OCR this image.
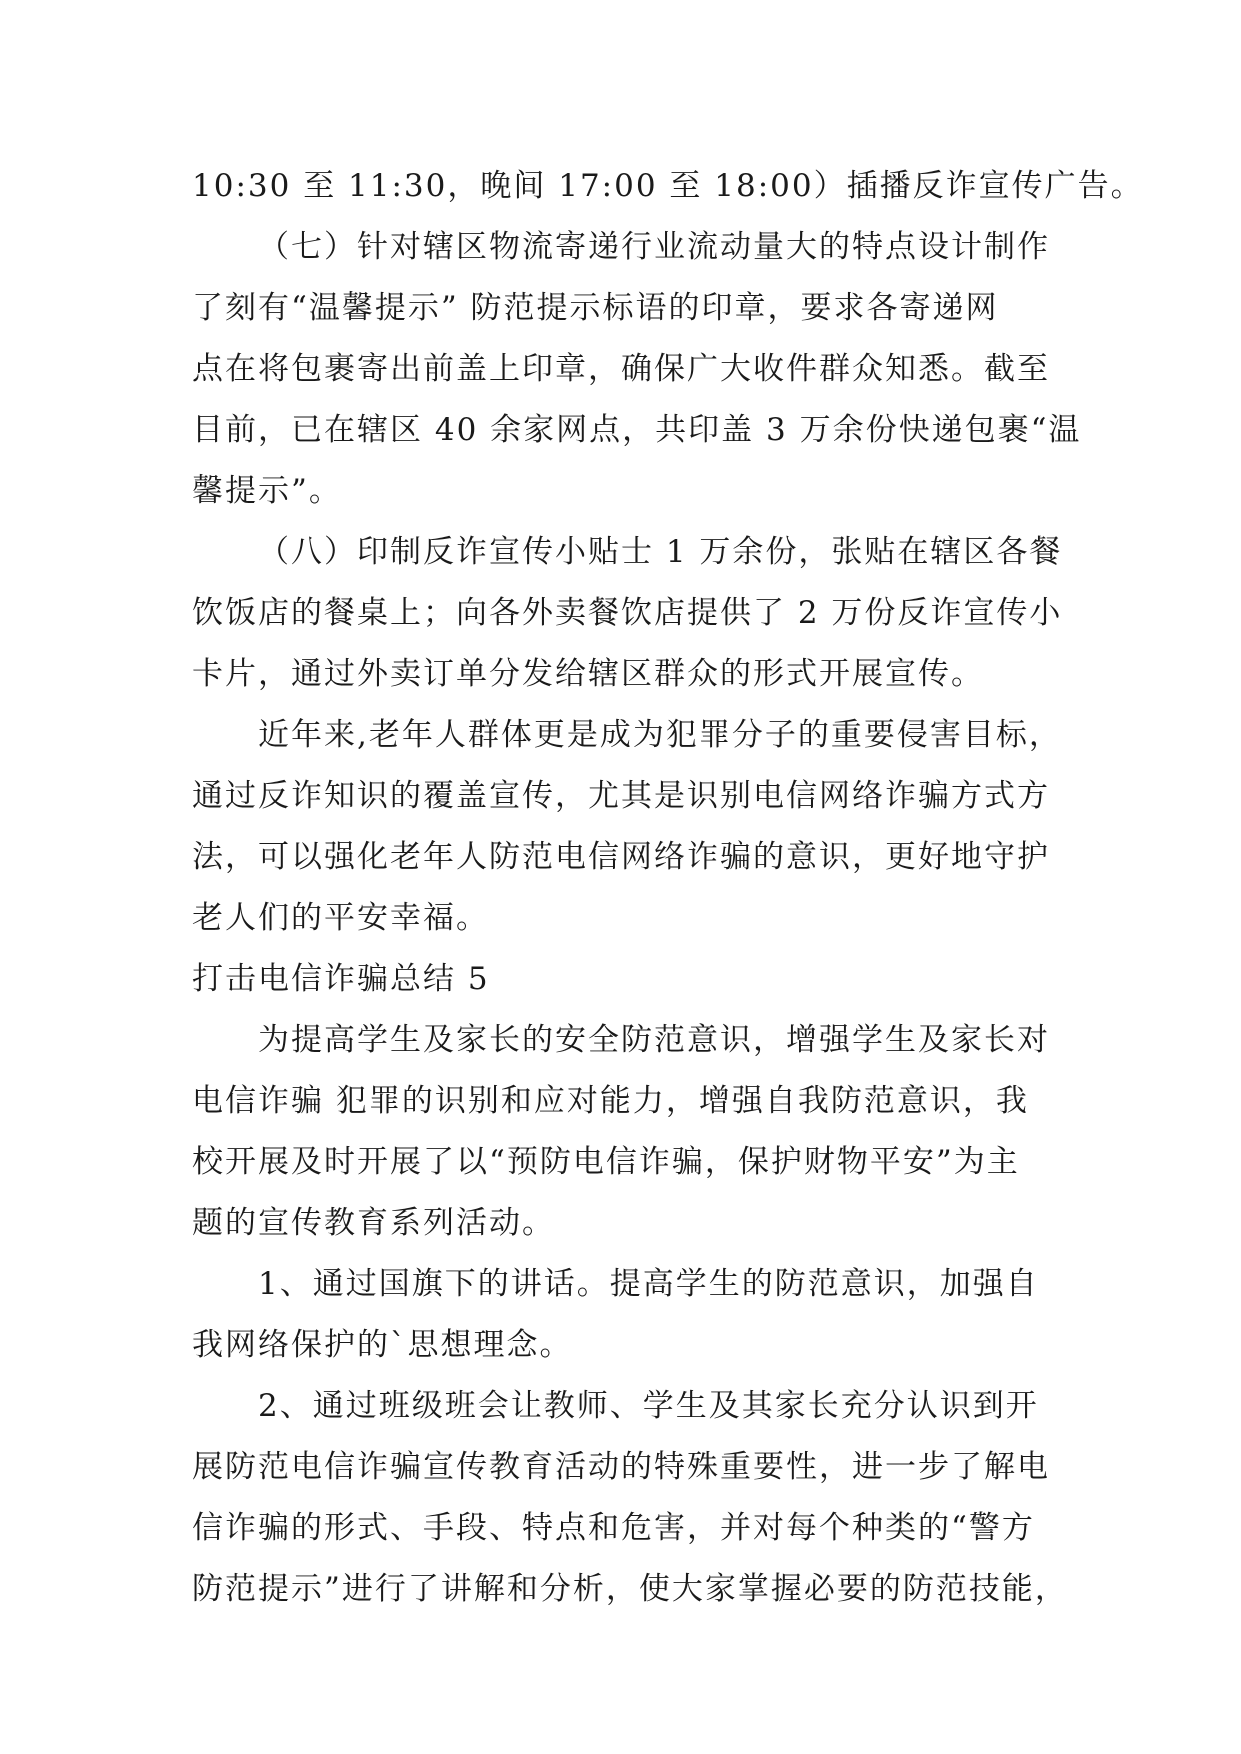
10:30 至 11:30，晚间 17:00 至 18:00）插播反诈宣传广告。
（七）针对辖区物流寄递行业流动量大的特点设计制作
了刻有“温馨提示” 防范提示标语的印章，要求各寄递网
点在将包裹寄出前盖上印章，确保广大收件群众知悉。截至
目前，已在辖区 40 余家网点，共印盖 3 万余份快递包裹“温
馨提示”。
（八）印制反诈宣传小贴士 1 万余份，张贴在辖区各餐
饮饭店的餐桌上；向各外卖餐饮店提供了 2 万份反诈宣传小
卡片，通过外卖订单分发给辖区群众的形式开展宣传。
近年来,老年人群体更是成为犯罪分子的重要侵害目标，
通过反诈知识的覆盖宣传，尤其是识别电信网络诈骗方式方
法，可以强化老年人防范电信网络诈骗的意识，更好地守护
老人们的平安幸福。
打击电信诈骗总结 5
为提高学生及家长的安全防范意识，增强学生及家长对
电信诈骗 犯罪的识别和应对能力，增强自我防范意识，我
校开展及时开展了以“预防电信诈骗，保护财物平安”为主
题的宣传教育系列活动。
1、通过国旗下的讲话。提高学生的防范意识，加强自
我网络保护的`思想理念。
2、通过班级班会让教师、学生及其家长充分认识到开
展防范电信诈骗宣传教育活动的特殊重要性，进一步了解电
信诈骗的形式、手段、特点和危害，并对每个种类的“警方
防范提示”进行了讲解和分析，使大家掌握必要的防范技能，
